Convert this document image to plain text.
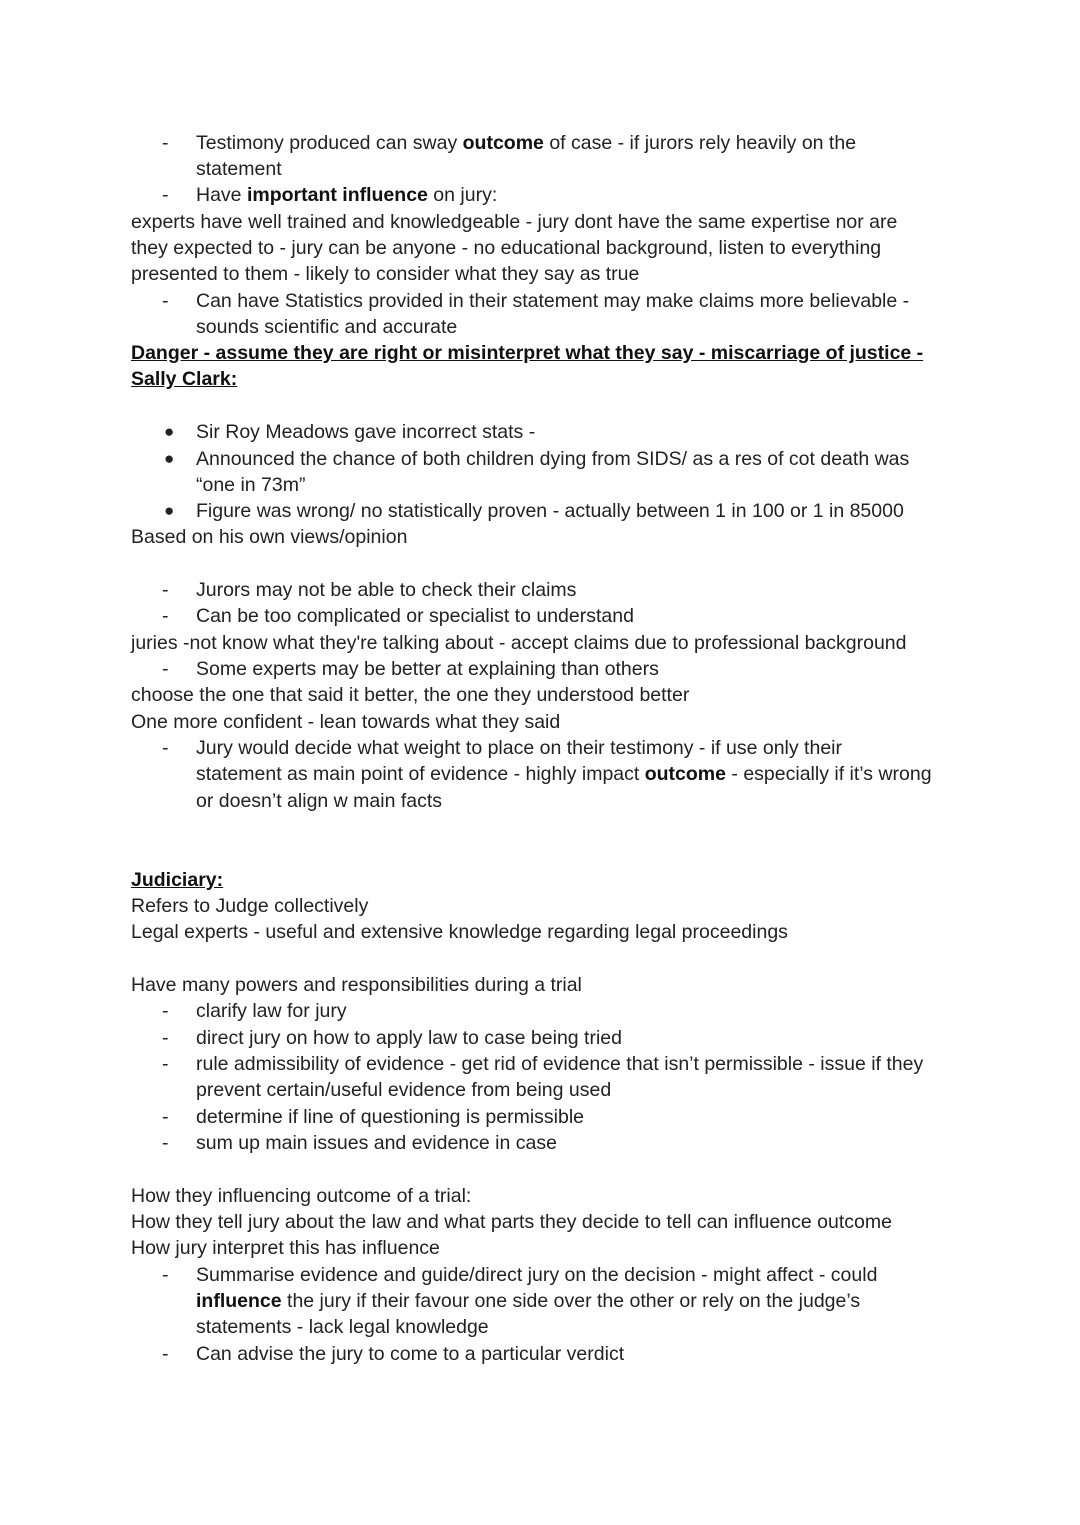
- Testimony produced can sway outcome of case - if jurors rely heavily on the
statement
- Have important influence on jury:
experts have well trained and knowledgeable - jury dont have the same expertise nor are
they expected to - jury can be anyone - no educational background, listen to everything
presented to them - likely to consider what they say as true
- Can have Statistics provided in their statement may make claims more believable -
sounds scientific and accurate
Danger - assume they are right or misinterpret what they say - miscarriage of justice -
Sally Clark:
● Sir Roy Meadows gave incorrect stats -
● Announced the chance of both children dying from SIDS/ as a res of cot death was
“one in 73m”
● Figure was wrong/ no statistically proven - actually between 1 in 100 or 1 in 85000
Based on his own views/opinion
- Jurors may not be able to check their claims
- Can be too complicated or specialist to understand
juries -not know what they're talking about - accept claims due to professional background
- Some experts may be better at explaining than others
choose the one that said it better, the one they understood better
One more confident - lean towards what they said
- Jury would decide what weight to place on their testimony - if use only their
statement as main point of evidence - highly impact outcome - especially if it’s wrong
or doesn’t align w main facts
Judiciary:
Refers to Judge collectively
Legal experts - useful and extensive knowledge regarding legal proceedings
Have many powers and responsibilities during a trial
- clarify law for jury
- direct jury on how to apply law to case being tried
- rule admissibility of evidence - get rid of evidence that isn’t permissible - issue if they
prevent certain/useful evidence from being used
- determine if line of questioning is permissible
- sum up main issues and evidence in case
How they influencing outcome of a trial:
How they tell jury about the law and what parts they decide to tell can influence outcome
How jury interpret this has influence
- Summarise evidence and guide/direct jury on the decision - might affect - could
influence the jury if their favour one side over the other or rely on the judge’s
statements - lack legal knowledge
- Can advise the jury to come to a particular verdict
